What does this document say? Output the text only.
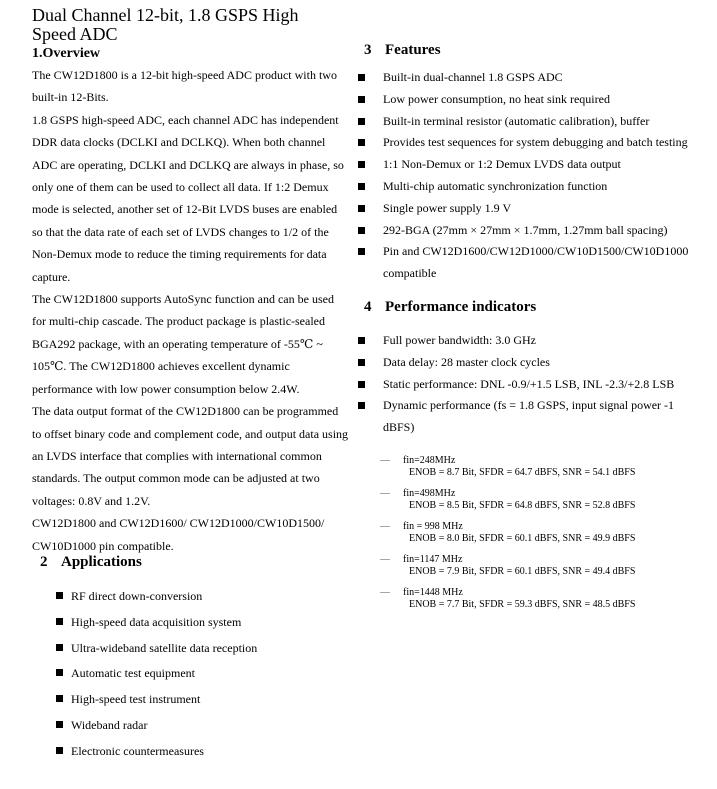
Dual Channel 12-bit, 1.8 GSPS High Speed ADC
1.Overview

The CW12D1800 is a 12-bit high-speed ADC product with two built-in 12-Bits.

1.8 GSPS high-speed ADC, each channel ADC has independent DDR data clocks (DCLKI and DCLKQ). When both channel ADC are operating, DCLKI and DCLKQ are always in phase, so only one of them can be used to collect all data. If 1:2 Demux mode is selected, another set of 12-Bit LVDS buses are enabled so that the data rate of each set of LVDS changes to 1/2 of the Non-Demux mode to reduce the timing requirements for data capture.

The CW12D1800 supports AutoSync function and can be used for multi-chip cascade. The product package is plastic-sealed BGA292 package, with an operating temperature of -55℃ ~ 105℃. The CW12D1800 achieves excellent dynamic performance with low power consumption below 2.4W.

The data output format of the CW12D1800 can be programmed to offset binary code and complement code, and output data using an LVDS interface that complies with international common standards. The output common mode can be adjusted at two voltages: 0.8V and 1.2V.

CW12D1800 and CW12D1600/ CW12D1000/CW10D1500/ CW10D1000 pin compatible.

2 Applications
RF direct down-conversion
High-speed data acquisition system
Ultra-wideband satellite data reception
Automatic test equipment
High-speed test instrument
Wideband radar
Electronic countermeasures
3 Features
Built-in dual-channel 1.8 GSPS ADC
Low power consumption, no heat sink required
Built-in terminal resistor (automatic calibration), buffer
Provides test sequences for system debugging and batch testing
1:1 Non-Demux or 1:2 Demux LVDS data output
Multi-chip automatic synchronization function
Single power supply 1.9 V
292-BGA (27mm × 27mm × 1.7mm, 1.27mm ball spacing)
Pin and CW12D1600/CW12D1000/CW10D1500/CW10D1000 compatible
4 Performance indicators
Full power bandwidth: 3.0 GHz
Data delay: 28 master clock cycles
Static performance: DNL -0.9/+1.5 LSB, INL -2.3/+2.8 LSB
Dynamic performance (fs = 1.8 GSPS, input signal power -1 dBFS)
— fin=248MHz
ENOB = 8.7 Bit, SFDR = 64.7 dBFS, SNR = 54.1 dBFS
— fin=498MHz
ENOB = 8.5 Bit, SFDR = 64.8 dBFS, SNR = 52.8 dBFS
— fin = 998 MHz
ENOB = 8.0 Bit, SFDR = 60.1 dBFS, SNR = 49.9 dBFS
— fin=1147 MHz
ENOB = 7.9 Bit, SFDR = 60.1 dBFS, SNR = 49.4 dBFS
— fin=1448 MHz
ENOB = 7.7 Bit, SFDR = 59.3 dBFS, SNR = 48.5 dBFS
